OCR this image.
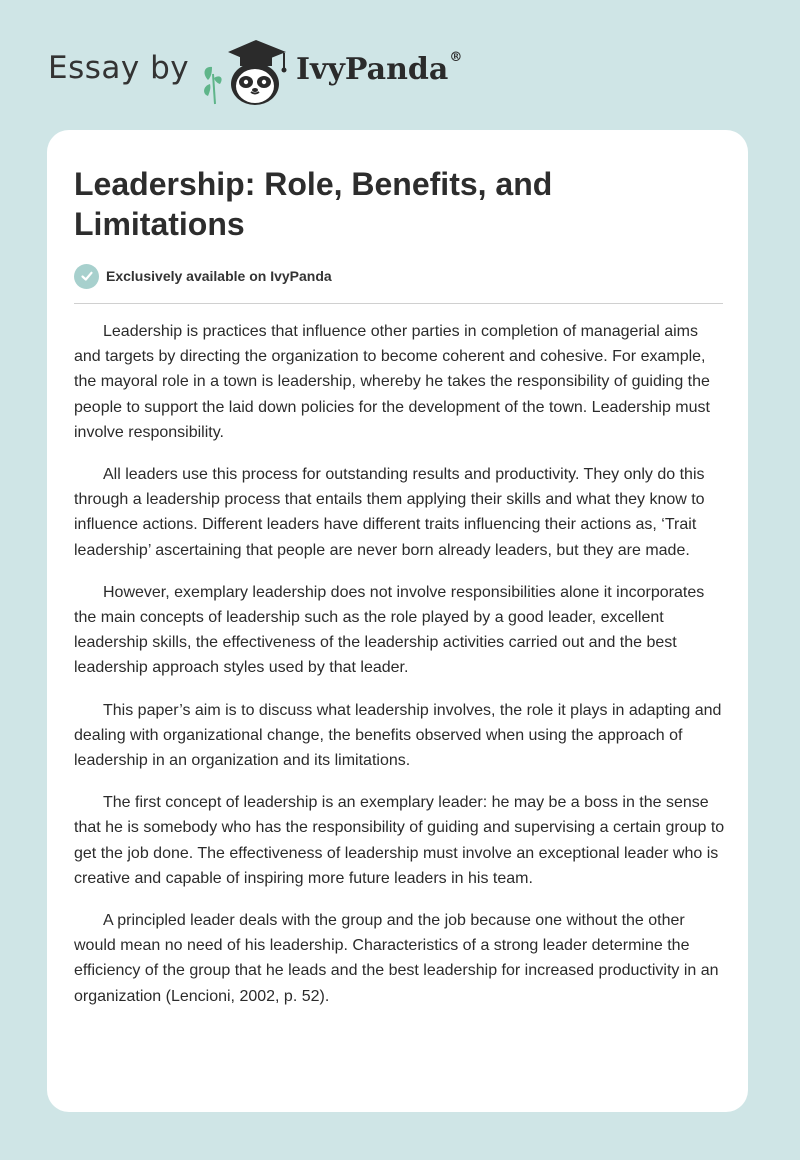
Essay by	IvyPanda®
Leadership: Role, Benefits, and Limitations
Exclusively available on IvyPanda

Leadership is practices that influence other parties in completion of managerial aims and targets by directing the organization to become coherent and cohesive. For example, the mayoral role in a town is leadership, whereby he takes the responsibility of guiding the people to support the laid down policies for the development of the town. Leadership must involve responsibility.

All leaders use this process for outstanding results and productivity. They only do this through a leadership process that entails them applying their skills and what they know to influence actions. Different leaders have different traits influencing their actions as, ‘Trait leadership’ ascertaining that people are never born already leaders, but they are made.

However, exemplary leadership does not involve responsibilities alone it incorporates the main concepts of leadership such as the role played by a good leader, excellent leadership skills, the effectiveness of the leadership activities carried out and the best leadership approach styles used by that leader.

This paper’s aim is to discuss what leadership involves, the role it plays in adapting and dealing with organizational change, the benefits observed when using the approach of leadership in an organization and its limitations.

The first concept of leadership is an exemplary leader: he may be a boss in the sense that he is somebody who has the responsibility of guiding and supervising a certain group to get the job done. The effectiveness of leadership must involve an exceptional leader who is creative and capable of inspiring more future leaders in his team.

A principled leader deals with the group and the job because one without the other would mean no need of his leadership. Characteristics of a strong leader determine the efficiency of the group that he leads and the best leadership for increased productivity in an organization (Lencioni, 2002, p. 52).
